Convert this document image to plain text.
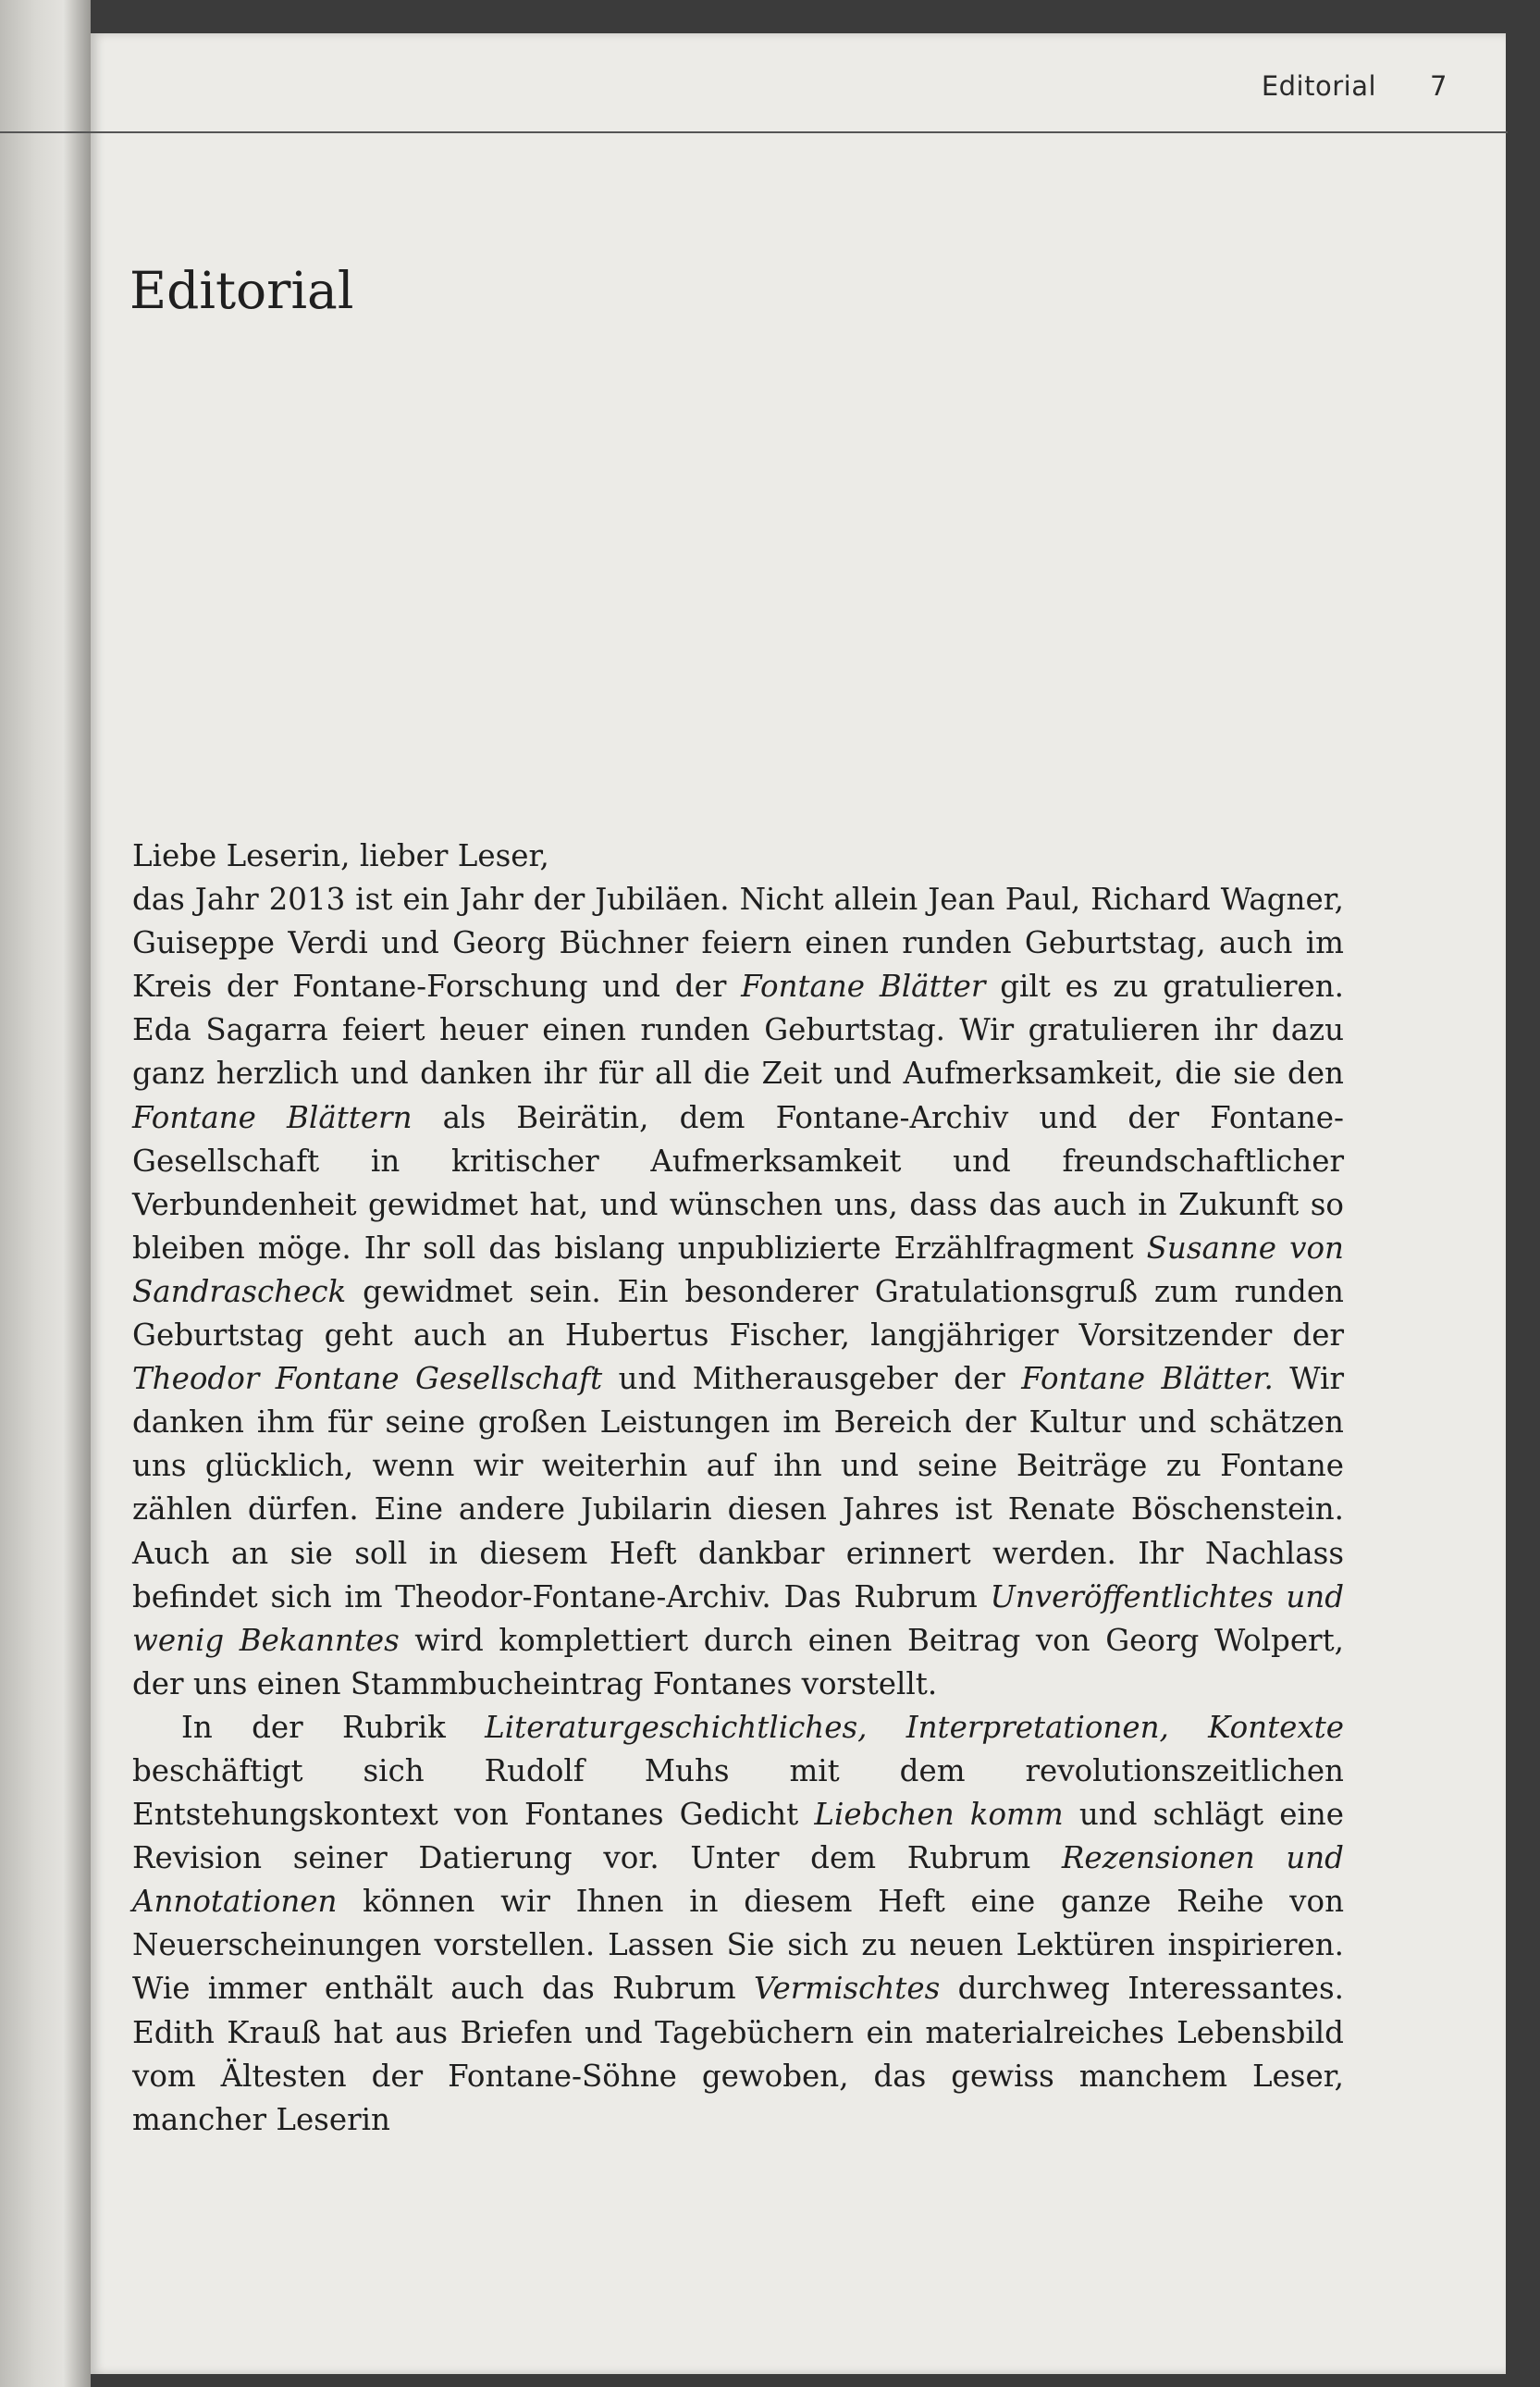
Editorial 7
Editorial

Liebe Leserin, lieber Leser,

das Jahr 2013 ist ein Jahr der Jubiläen. Nicht allein Jean Paul, Richard Wagner, Guiseppe Verdi und Georg Büchner feiern einen runden Geburtstag, auch im Kreis der Fontane-Forschung und der Fontane Blätter gilt es zu gratulieren. Eda Sagarra feiert heuer einen runden Geburtstag. Wir gratulieren ihr dazu ganz herzlich und danken ihr für all die Zeit und Aufmerksamkeit, die sie den Fontane Blättern als Beirätin, dem Fontane-Archiv und der Fontane-Gesellschaft in kritischer Aufmerksamkeit und freundschaftlicher Verbundenheit gewidmet hat, und wünschen uns, dass das auch in Zukunft so bleiben möge. Ihr soll das bislang unpublizierte Erzählfragment Susanne von Sandrascheck gewidmet sein. Ein besonderer Gratulationsgruß zum runden Geburtstag geht auch an Hubertus Fischer, langjähriger Vorsitzender der Theodor Fontane Gesellschaft und Mitherausgeber der Fontane Blätter. Wir danken ihm für seine großen Leistungen im Bereich der Kultur und schätzen uns glücklich, wenn wir weiterhin auf ihn und seine Beiträge zu Fontane zählen dürfen. Eine andere Jubilarin diesen Jahres ist Renate Böschenstein. Auch an sie soll in diesem Heft dankbar erinnert werden. Ihr Nachlass befindet sich im Theodor-Fontane-Archiv. Das Rubrum Unveröffentlichtes und wenig Bekanntes wird komplettiert durch einen Beitrag von Georg Wolpert, der uns einen Stammbucheintrag Fontanes vorstellt.

In der Rubrik Literaturgeschichtliches, Interpretationen, Kontexte beschäftigt sich Rudolf Muhs mit dem revolutionszeitlichen Entstehungskontext von Fontanes Gedicht Liebchen komm und schlägt eine Revision seiner Datierung vor. Unter dem Rubrum Rezensionen und Annotationen können wir Ihnen in diesem Heft eine ganze Reihe von Neuerscheinungen vorstellen. Lassen Sie sich zu neuen Lektüren inspirieren. Wie immer enthält auch das Rubrum Vermischtes durchweg Interessantes. Edith Krauß hat aus Briefen und Tagebüchern ein materialreiches Lebensbild vom Ältesten der Fontane-Söhne gewoben, das gewiss manchem Leser, mancher Leserin
